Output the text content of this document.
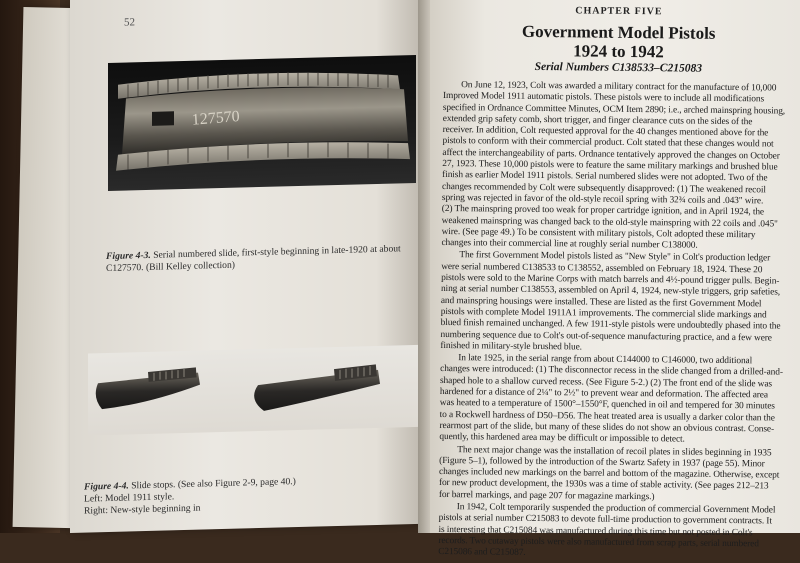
52
127570
Figure 4-3. Serial numbered slide, first-style beginning in late-1920 at about C127570. (Bill Kelley collection)
Figure 4-4. Slide stops. (See also Figure 2-9, page 40.)
Left: Model 1911 style.
Right: New-style beginning in
CHAPTER FIVE
Government Model Pistols
1924 to 1942
Serial Numbers C138533–C215083
On June 12, 1923, Colt was awarded a military contract for the manufacture of 10,000
Improved Model 1911 automatic pistols. These pistols were to include all modifications
specified in Ordnance Committee Minutes, OCM Item 2890; i.e., arched mainspring housing,
extended grip safety comb, short trigger, and finger clearance cuts on the sides of the
receiver. In addition, Colt requested approval for the 40 changes mentioned above for the
pistols to conform with their commercial product. Colt stated that these changes would not
affect the interchangeability of parts. Ordnance tentatively approved the changes on October
27, 1923. These 10,000 pistols were to feature the same military markings and brushed blue
finish as earlier Model 1911 pistols. Serial numbered slides were not adopted. Two of the
changes recommended by Colt were subsequently disapproved: (1) The weakened recoil
spring was rejected in favor of the old-style recoil spring with 32¾ coils and .043" wire.
(2) The mainspring proved too weak for proper cartridge ignition, and in April 1924, the
weakened mainspring was changed back to the old-style mainspring with 22 coils and .045"
wire. (See page 49.) To be consistent with military pistols, Colt adopted these military
changes into their commercial line at roughly serial number C138000.
The first Government Model pistols listed as "New Style" in Colt's production ledger
were serial numbered C138533 to C138552, assembled on February 18, 1924. These 20
pistols were sold to the Marine Corps with match barrels and 4½-pound trigger pulls. Begin-
ning at serial number C138553, assembled on April 4, 1924, new-style triggers, grip safeties,
and mainspring housings were installed. These are listed as the first Government Model
pistols with complete Model 1911A1 improvements. The commercial slide markings and
blued finish remained unchanged. A few 1911-style pistols were undoubtedly phased into the
numbering sequence due to Colt's out-of-sequence manufacturing practice, and a few were
finished in military-style brushed blue.
In late 1925, in the serial range from about C144000 to C146000, two additional
changes were introduced: (1) The disconnector recess in the slide changed from a drilled-and-
shaped hole to a shallow curved recess. (See Figure 5-2.) (2) The front end of the slide was
hardened for a distance of 2¼" to 2½" to prevent wear and deformation. The affected area
was heated to a temperature of 1500°–1550°F, quenched in oil and tempered for 30 minutes
to a Rockwell hardness of D50–D56. The heat treated area is usually a darker color than the
rearmost part of the slide, but many of these slides do not show an obvious contrast. Conse-
quently, this hardened area may be difficult or impossible to detect.
The next major change was the installation of recoil plates in slides beginning in 1935
(Figure 5–1), followed by the introduction of the Swartz Safety in 1937 (page 55). Minor
changes included new markings on the barrel and bottom of the magazine. Otherwise, except
for new product development, the 1930s was a time of stable activity. (See pages 212–213
for barrel markings, and page 207 for magazine markings.)
In 1942, Colt temporarily suspended the production of commercial Government Model
pistols at serial number C215083 to devote full-time production to government contracts. It
is interesting that C215084 was manufactured during this time but not posted in Colt's
records. Two cutaway pistols were also manufactured from scrap parts, serial numbered
C215086 and C215087.
